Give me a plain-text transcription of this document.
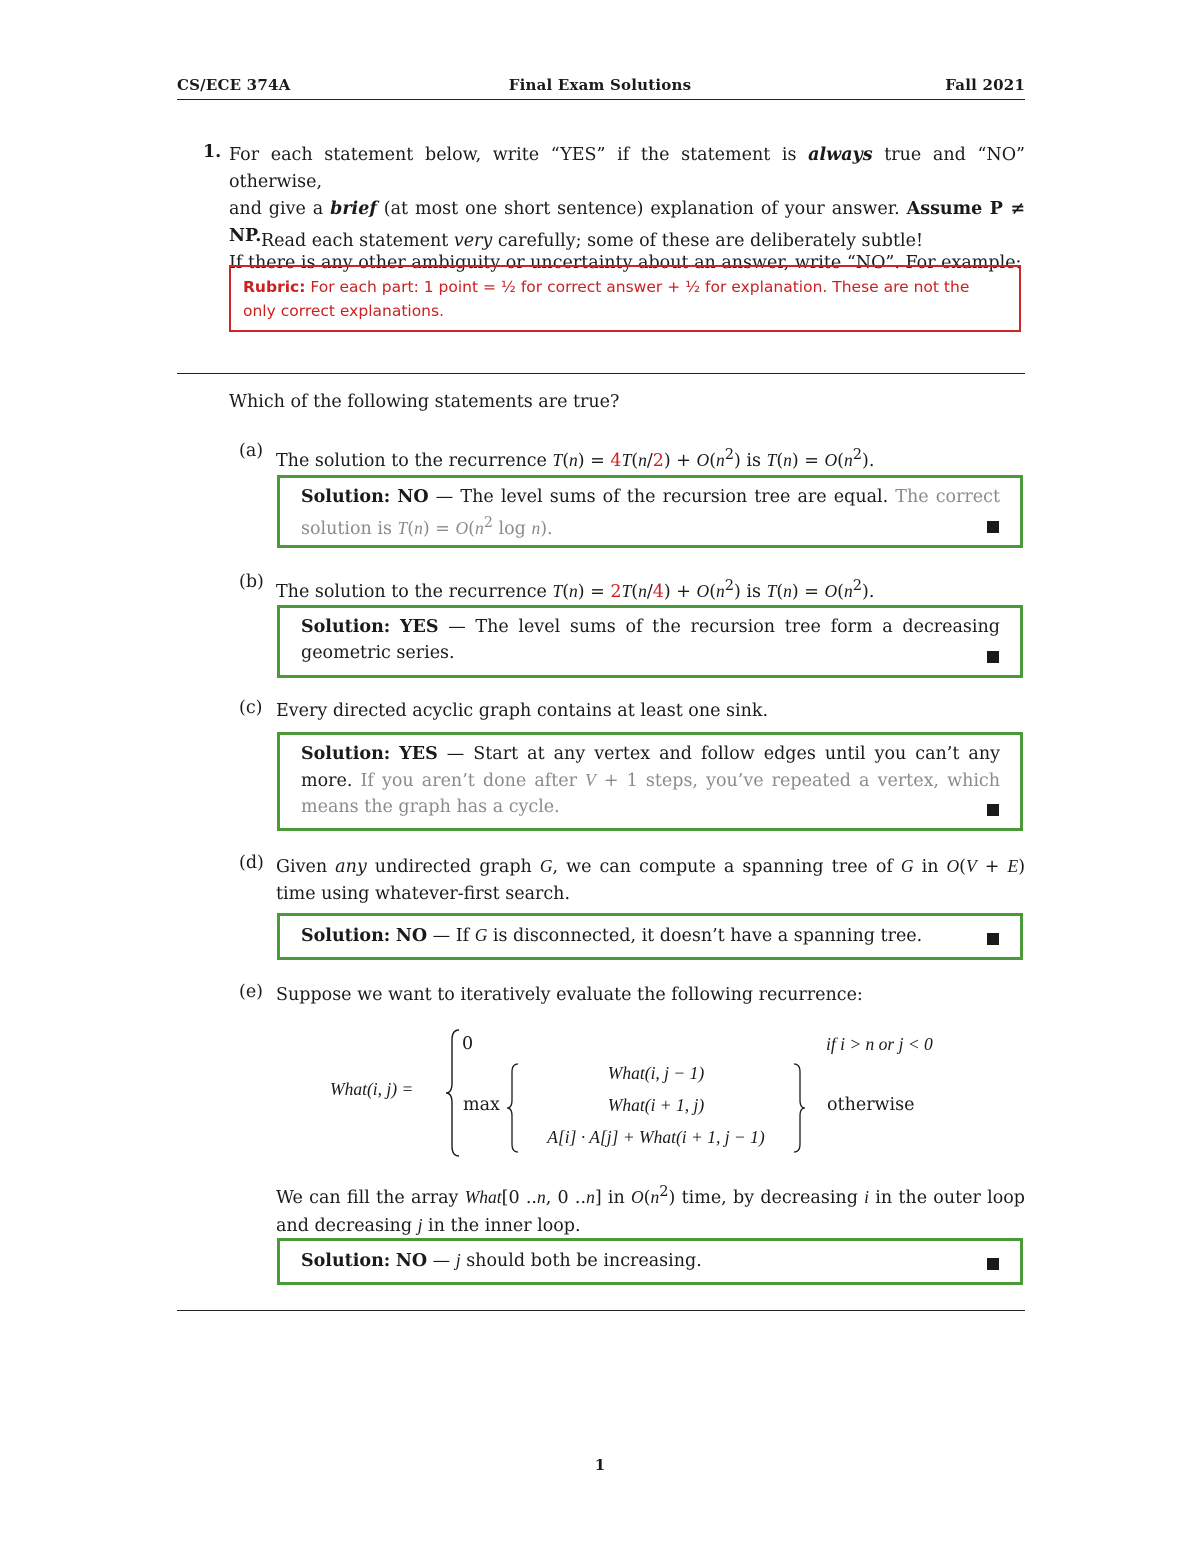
CS/ECE 374A	Final Exam Solutions	Fall 2021
1. For each statement below, write “YES” if the statement is always true and “NO” otherwise,
and give a brief (at most one short sentence) explanation of your answer. Assume P ≠ NP.
If there is any other ambiguity or uncertainty about an answer, write “NO”. For example:
Read each statement very carefully; some of these are deliberately subtle!
Rubric: For each part: 1 point = ½ for correct answer + ½ for explanation. These are not the only correct explanations.
Which of the following statements are true?
(a) The solution to the recurrence $T(n) = 4T(n/2) + O(n^2)$ is $T(n) = O(n^2)$.
Solution: NO — The level sums of the recursion tree are equal. The correct solution is $T(n) = O(n^2$ log n).
(b) The solution to the recurrence $T(n) = 2T(n/4) + O(n^2)$ is $T(n) = O(n^2)$.
Solution: YES — The level sums of the recursion tree form a decreasing geometric series.
(c) Every directed acyclic graph contains at least one sink.
Solution: YES — Start at any vertex and follow edges until you can’t any more. If you aren’t done after V + 1 steps, you’ve repeated a vertex, which means the graph has a cycle.
(d) Given any undirected graph G, we can compute a spanning tree of G in O(V + E) time using whatever-first search.
Solution: NO — If G is disconnected, it doesn’t have a spanning tree.
(e) Suppose we want to iteratively evaluate the following recurrence:
What(i, j) =
0	if i > n or j < 0
max
What(i, j − 1)
What(i + 1, j)
A[i] · A[j] + What(i + 1, j − 1)
otherwise
We can fill the array What[0 ..n, 0 ..n] in $O(n^2)$ time, by decreasing i in the outer loop and decreasing j in the inner loop.
Solution: NO — j should both be increasing.
1
